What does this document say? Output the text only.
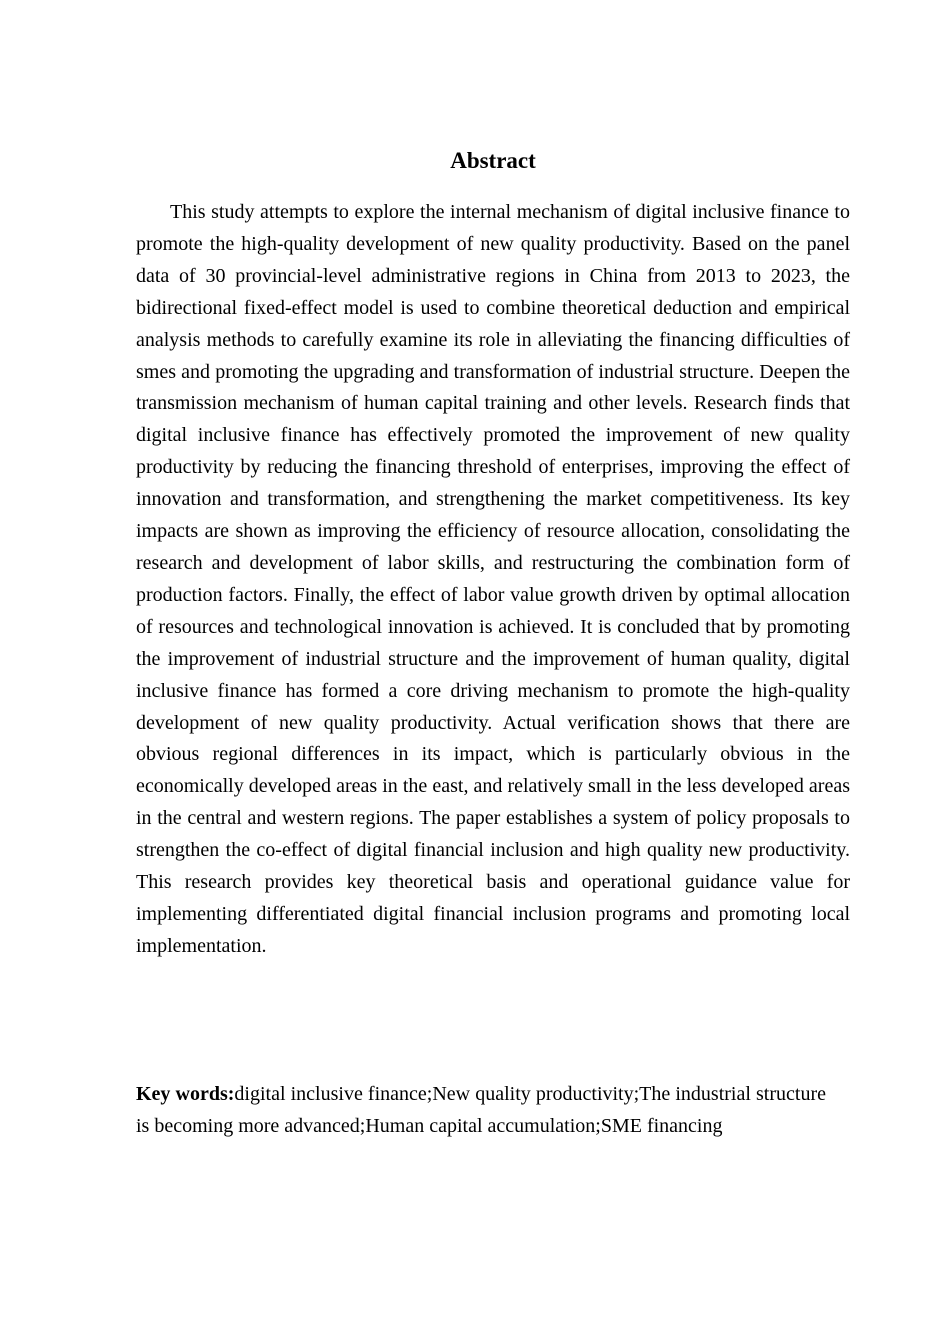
Abstract

This study attempts to explore the internal mechanism of digital inclusive finance to promote the high-quality development of new quality productivity. Based on the panel data of 30 provincial-level administrative regions in China from 2013 to 2023, the bidirectional fixed-effect model is used to combine theoretical deduction and empirical analysis methods to carefully examine its role in alleviating the financing difficulties of smes and promoting the upgrading and transformation of industrial structure. Deepen the transmission mechanism of human capital training and other levels. Research finds that digital inclusive finance has effectively promoted the improvement of new quality productivity by reducing the financing threshold of enterprises, improving the effect of innovation and transformation, and strengthening the market competitiveness. Its key impacts are shown as improving the efficiency of resource allocation, consolidating the research and development of labor skills, and restructuring the combination form of production factors. Finally, the effect of labor value growth driven by optimal allocation of resources and technological innovation is achieved. It is concluded that by promoting the improvement of industrial structure and the improvement of human quality, digital inclusive finance has formed a core driving mechanism to promote the high-quality development of new quality productivity. Actual verification shows that there are obvious regional differences in its impact, which is particularly obvious in the economically developed areas in the east, and relatively small in the less developed areas in the central and western regions. The paper establishes a system of policy proposals to strengthen the co-effect of digital financial inclusion and high quality new productivity. This research provides key theoretical basis and operational guidance value for implementing differentiated digital financial inclusion programs and promoting local implementation.

Key words:digital inclusive finance;New quality productivity;The industrial structure is becoming more advanced;Human capital accumulation;SME financing
